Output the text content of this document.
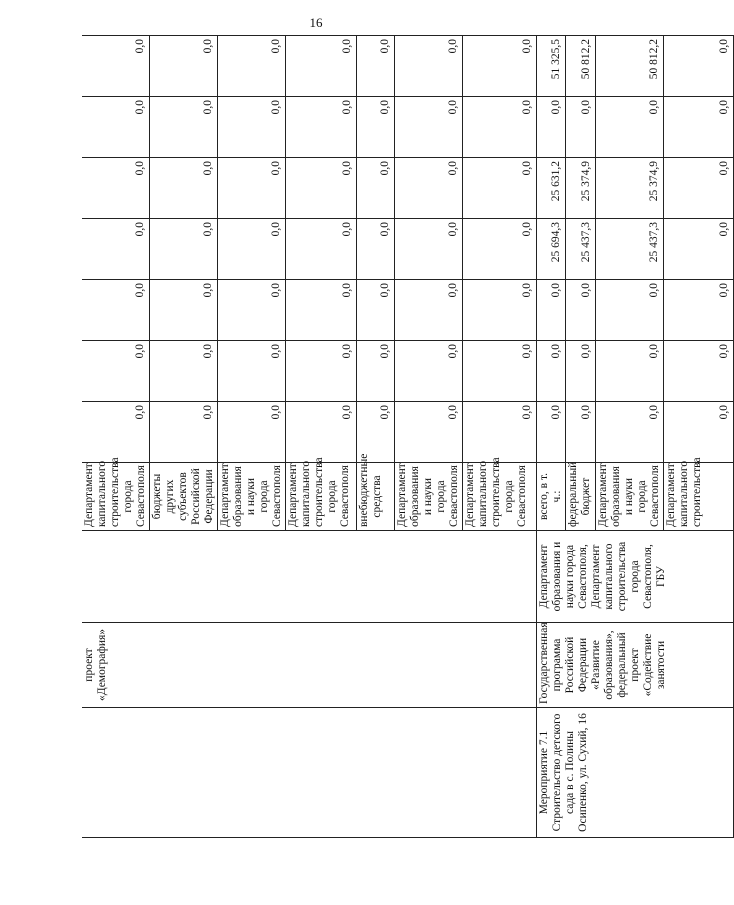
16
	проект «Демография»		Департамент капитального строительства города Севастополя	0,0	0,0	0,0	0,0	0,0	0,0	0,0
			бюджеты других субъектов Российской Федерации	0,0	0,0	0,0	0,0	0,0	0,0	0,0
			Департамент образования и науки города Севастополя	0,0	0,0	0,0	0,0	0,0	0,0	0,0
			Департамент капитального строительства города Севастополя	0,0	0,0	0,0	0,0	0,0	0,0	0,0
			внебюджетные средства	0,0	0,0	0,0	0,0	0,0	0,0	0,0
			Департамент образования и науки города Севастополя	0,0	0,0	0,0	0,0	0,0	0,0	0,0
			Департамент капитального строительства города Севастополя	0,0	0,0	0,0	0,0	0,0	0,0	0,0
Мероприятие 7.1 Строительство детского сада в с. Полины Осипенко, ул. Сухий, 16	Государственная программа Российской Федерации «Развитие образования», федеральный проект «Содействие занятости	Департамент образования и науки города Севастополя, Департамент капитального строительства города Севастополя, ГБУ	всего, в т. ч.:	0,0	0,0	0,0	25 694,3	25 631,2	0,0	51 325,5
			федеральный бюджет	0,0	0,0	0,0	25 437,3	25 374,9	0,0	50 812,2
			Департамент образования и науки города Севастополя	0,0	0,0	0,0	25 437,3	25 374,9	0,0	50 812,2
			Департамент капитального строительства	0,0	0,0	0,0	0,0	0,0	0,0	0,0
